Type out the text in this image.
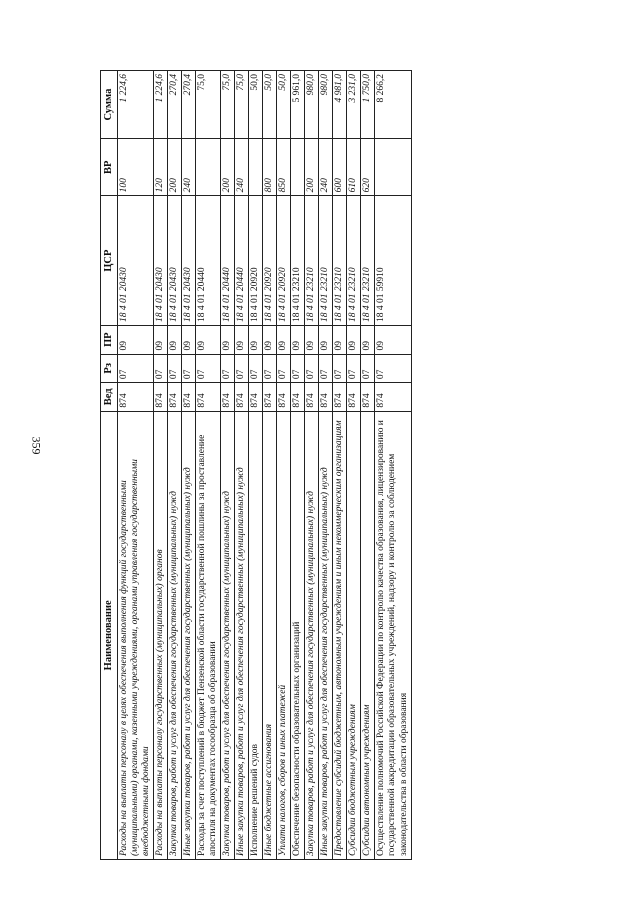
359
Наименование	Вед	Рз	ПР	ЦСР	ВР	Сумма
Расходы на выплаты персоналу в целях обеспечения выполнения функций государственными (муниципальными) органами, казенными учреждениями, органами управления государственными внебюджетными фондами	874	07	09	18 4 01 20430	100	1 224,6
Расходы на выплаты персоналу государственных (муниципальных) органов	874	07	09	18 4 01 20430	120	1 224,6
Закупка товаров, работ и услуг для обеспечения государственных (муниципальных) нужд	874	07	09	18 4 01 20430	200	270,4
Иные закупки товаров, работ и услуг для обеспечения государственных (муниципальных) нужд	874	07	09	18 4 01 20430	240	270,4
Расходы за счет поступлений в бюджет Пензенской области государственной пошлины за проставление апостиля на документах госообразца об образовании	874	07	09	18 4 01 20440		75,0
Закупка товаров, работ и услуг для обеспечения государственных (муниципальных) нужд	874	07	09	18 4 01 20440	200	75,0
Иные закупки товаров, работ и услуг для обеспечения государственных (муниципальных) нужд	874	07	09	18 4 01 20440	240	75,0
Исполнение решений судов	874	07	09	18 4 01 20920		50,0
Иные бюджетные ассигнования	874	07	09	18 4 01 20920	800	50,0
Уплата налогов, сборов и иных платежей	874	07	09	18 4 01 20920	850	50,0
Обеспечение безопасности образовательных организаций	874	07	09	18 4 01 23210		5 961,0
Закупка товаров, работ и услуг для обеспечения государственных (муниципальных) нужд	874	07	09	18 4 01 23210	200	980,0
Иные закупки товаров, работ и услуг для обеспечения государственных (муниципальных) нужд	874	07	09	18 4 01 23210	240	980,0
Предоставление субсидий бюджетным, автономным учреждениям и иным некоммерческим организациям	874	07	09	18 4 01 23210	600	4 981,0
Субсидии бюджетным учреждениям	874	07	09	18 4 01 23210	610	3 231,0
Субсидии автономным учреждениям	874	07	09	18 4 01 23210	620	1 750,0
Осуществление полномочий Российской Федерации по контролю качества образования, лицензированию и государственной аккредитации образовательных учреждений, надзору и контролю за соблюдением законодательства в области образования	874	07	09	18 4 01 59910		8 266,2
